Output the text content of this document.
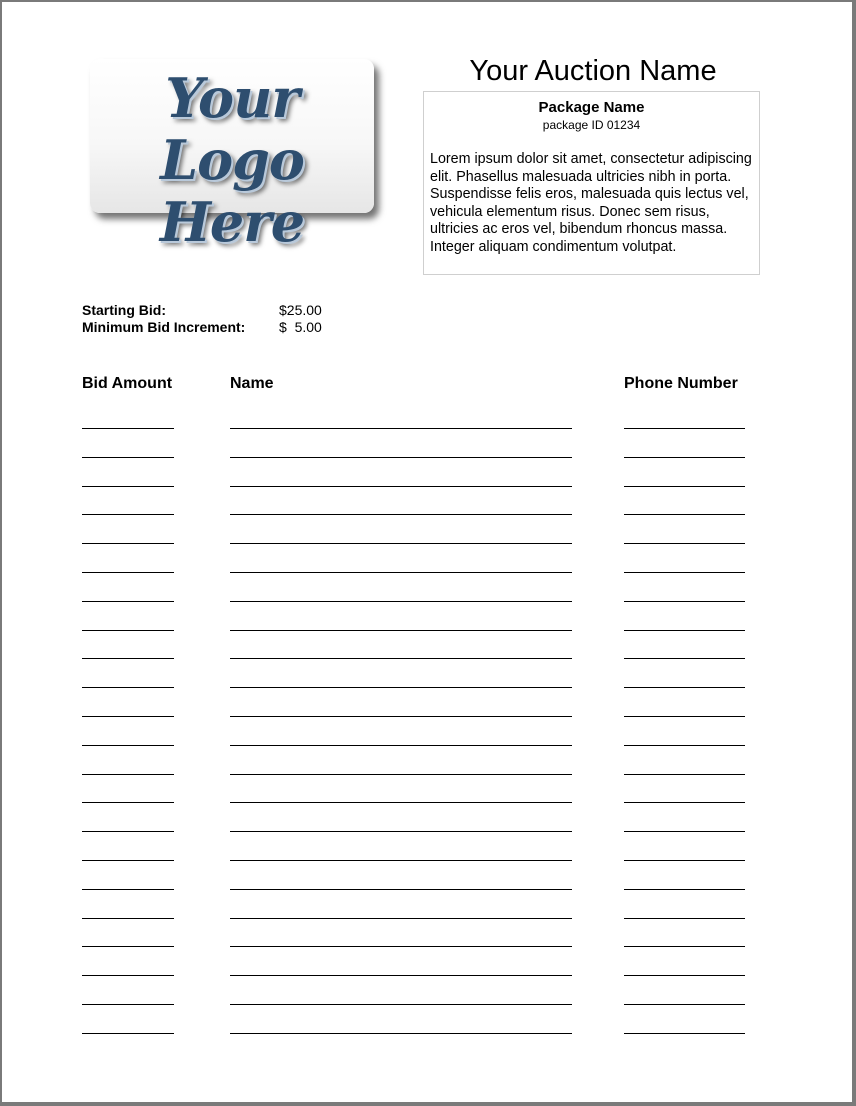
Your
Logo Here
Your Auction Name
Package Name
package ID 01234

Lorem ipsum dolor sit amet, consectetur adipiscing elit. Phasellus malesuada ultricies nibh in porta. Suspendisse felis eros, malesuada quis lectus vel, vehicula elementum risus. Donec sem risus, ultricies ac eros vel, bibendum rhoncus massa. Integer aliquam condimentum volutpat.

Starting Bid:	$25.00
Minimum Bid Increment: $  5.00
Bid Amount	Name	Phone Number
